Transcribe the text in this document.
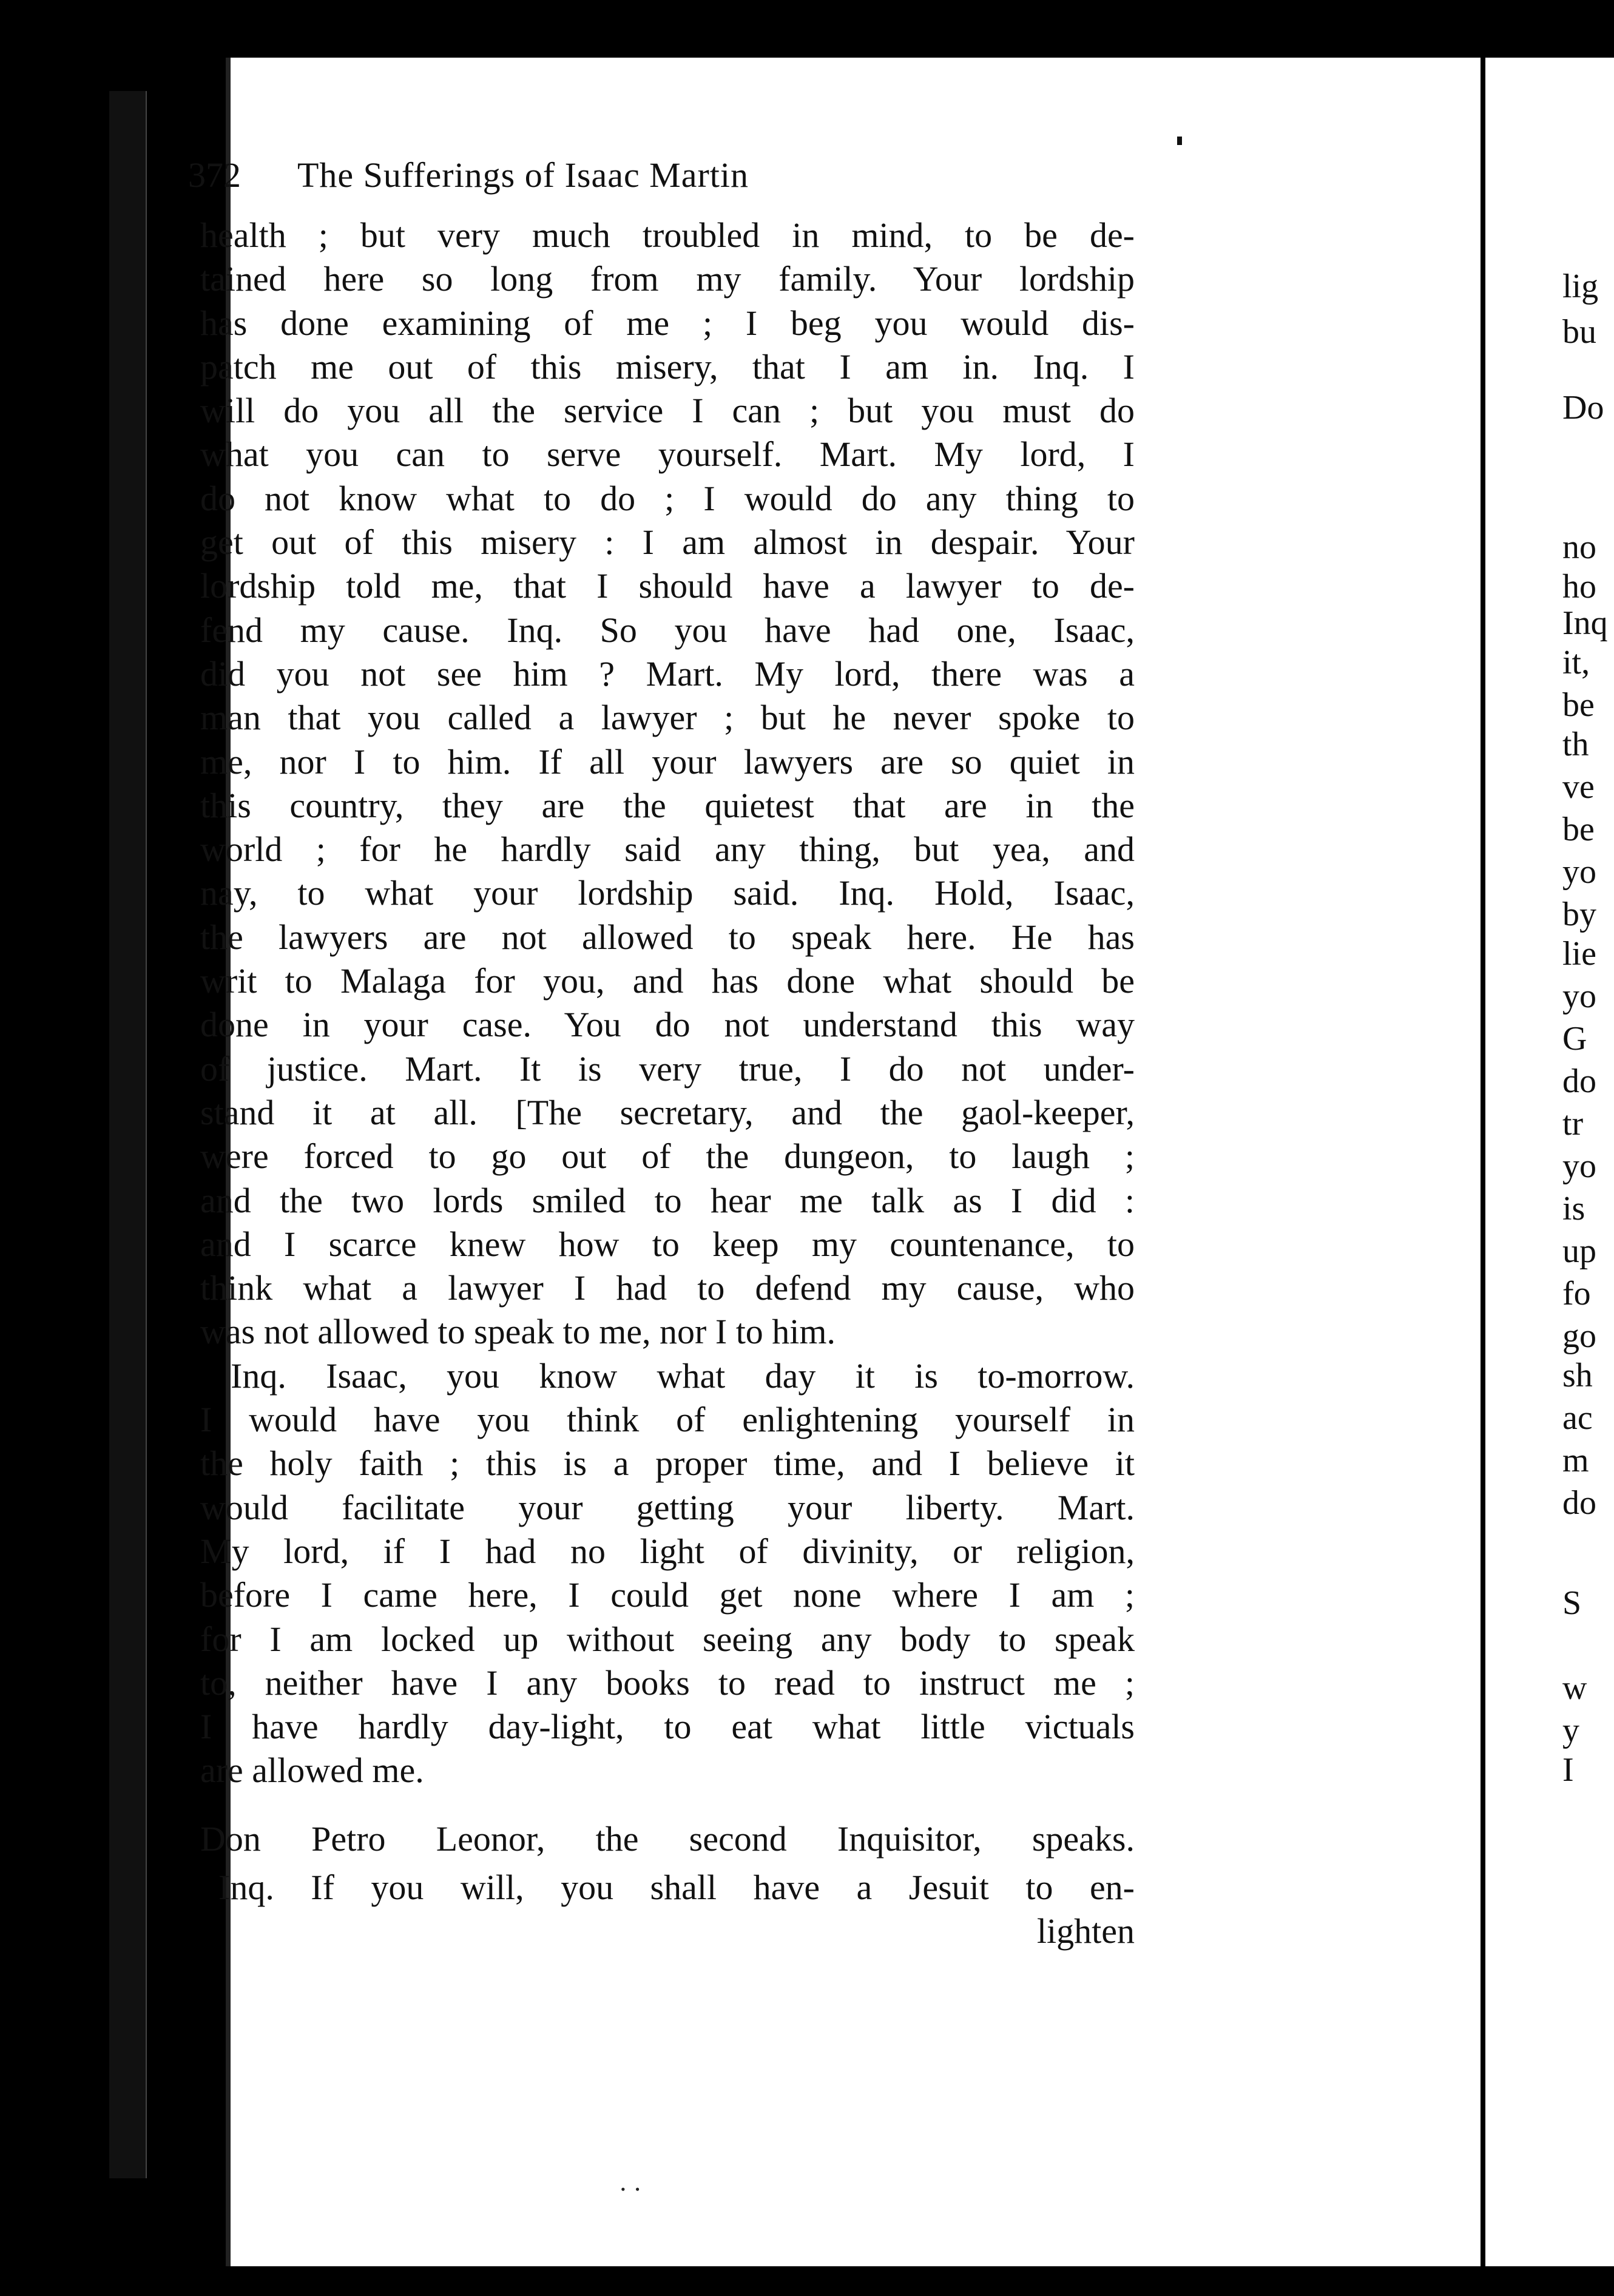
372 The Sufferings of Isaac Martin
health ; but very much troubled in mind, to be de-
tained here so long from my family. Your lordship
has done examining of me ; I beg you would dis-
patch me out of this misery, that I am in. Inq. I
will do you all the service I can ; but you must do
what you can to serve yourself. Mart. My lord, I
do not know what to do ; I would do any thing to
get out of this misery : I am almost in despair. Your
lordship told me, that I should have a lawyer to de-
fend my cause. Inq. So you have had one, Isaac,
did you not see him ? Mart. My lord, there was a
man that you called a lawyer ; but he never spoke to
me, nor I to him. If all your lawyers are so quiet in
this country, they are the quietest that are in the
world ; for he hardly said any thing, but yea, and
nay, to what your lordship said. Inq. Hold, Isaac,
the lawyers are not allowed to speak here. He has
writ to Malaga for you, and has done what should be
done in your case. You do not understand this way
of justice. Mart. It is very true, I do not under-
stand it at all. [The secretary, and the gaol-keeper,
were forced to go out of the dungeon, to laugh ;
and the two lords smiled to hear me talk as I did :
and I scarce knew how to keep my countenance, to
think what a lawyer I had to defend my cause, who
was not allowed to speak to me, nor I to him.
Inq. Isaac, you know what day it is to-morrow.
I would have you think of enlightening yourself in
the holy faith ; this is a proper time, and I believe it
would facilitate your getting your liberty. Mart.
My lord, if I had no light of divinity, or religion,
before I came here, I could get none where I am ;
for I am locked up without seeing any body to speak
to, neither have I any books to read to instruct me ;
I have hardly day-light, to eat what little victuals
are allowed me.
Don Petro Leonor, the second Inquisitor, speaks.
Inq. If you will, you shall have a Jesuit to en-
lighten
lig
bu
Do
no
ho
Inq
it,
be
th
ve
be
yo
by
lie
yo
G
do
tr
yo
is
up
fo
go
sh
ac
m
do
S
w
y
I
⋅ ⋅
